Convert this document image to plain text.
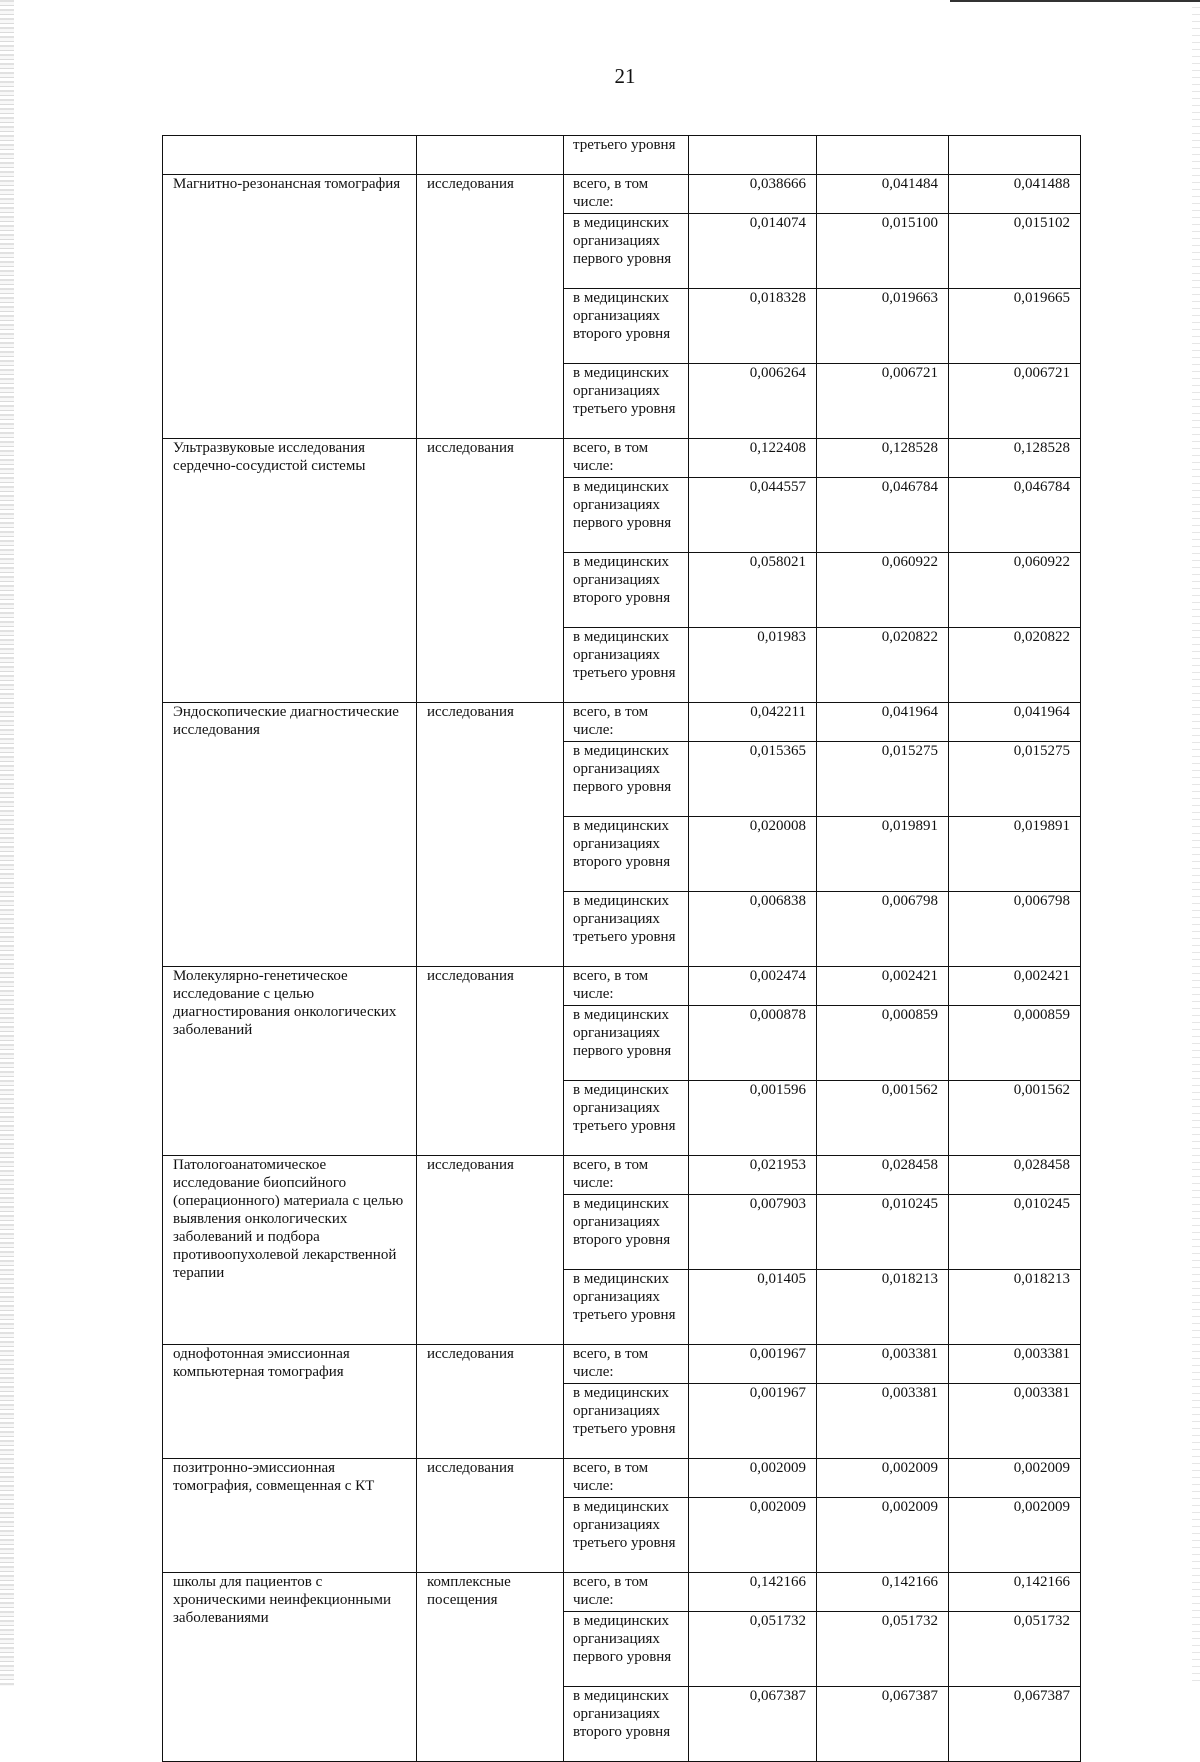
21
		третьего уровня			
Магнитно-резонансная томография	исследования	всего, в том числе:	0,038666	0,041484	0,041488
		в медицинских организациях первого уровня	0,014074	0,015100	0,015102
		в медицинских организациях второго уровня	0,018328	0,019663	0,019665
		в медицинских организациях третьего уровня	0,006264	0,006721	0,006721
Ультразвуковые исследования сердечно-сосудистой системы	исследования	всего, в том числе:	0,122408	0,128528	0,128528
		в медицинских организациях первого уровня	0,044557	0,046784	0,046784
		в медицинских организациях второго уровня	0,058021	0,060922	0,060922
		в медицинских организациях третьего уровня	0,01983	0,020822	0,020822
Эндоскопические диагностические исследования	исследования	всего, в том числе:	0,042211	0,041964	0,041964
		в медицинских организациях первого уровня	0,015365	0,015275	0,015275
		в медицинских организациях второго уровня	0,020008	0,019891	0,019891
		в медицинских организациях третьего уровня	0,006838	0,006798	0,006798
Молекулярно-генетическое исследование с целью диагностирования онкологических заболеваний	исследования	всего, в том числе:	0,002474	0,002421	0,002421
		в медицинских организациях первого уровня	0,000878	0,000859	0,000859
		в медицинских организациях третьего уровня	0,001596	0,001562	0,001562
Патологоанатомическое исследование биопсийного (операционного) материала с целью выявления онкологических заболеваний и подбора противоопухолевой лекарственной терапии	исследования	всего, в том числе:	0,021953	0,028458	0,028458
		в медицинских организациях второго уровня	0,007903	0,010245	0,010245
		в медицинских организациях третьего уровня	0,01405	0,018213	0,018213
однофотонная эмиссионная компьютерная томография	исследования	всего, в том числе:	0,001967	0,003381	0,003381
		в медицинских организациях третьего уровня	0,001967	0,003381	0,003381
позитронно-эмиссионная томография, совмещенная с КТ	исследования	всего, в том числе:	0,002009	0,002009	0,002009
		в медицинских организациях третьего уровня	0,002009	0,002009	0,002009
школы для пациентов с хроническими неинфекционными заболеваниями	комплексные посещения	всего, в том числе:	0,142166	0,142166	0,142166
		в медицинских организациях первого уровня	0,051732	0,051732	0,051732
		в медицинских организациях второго уровня	0,067387	0,067387	0,067387
